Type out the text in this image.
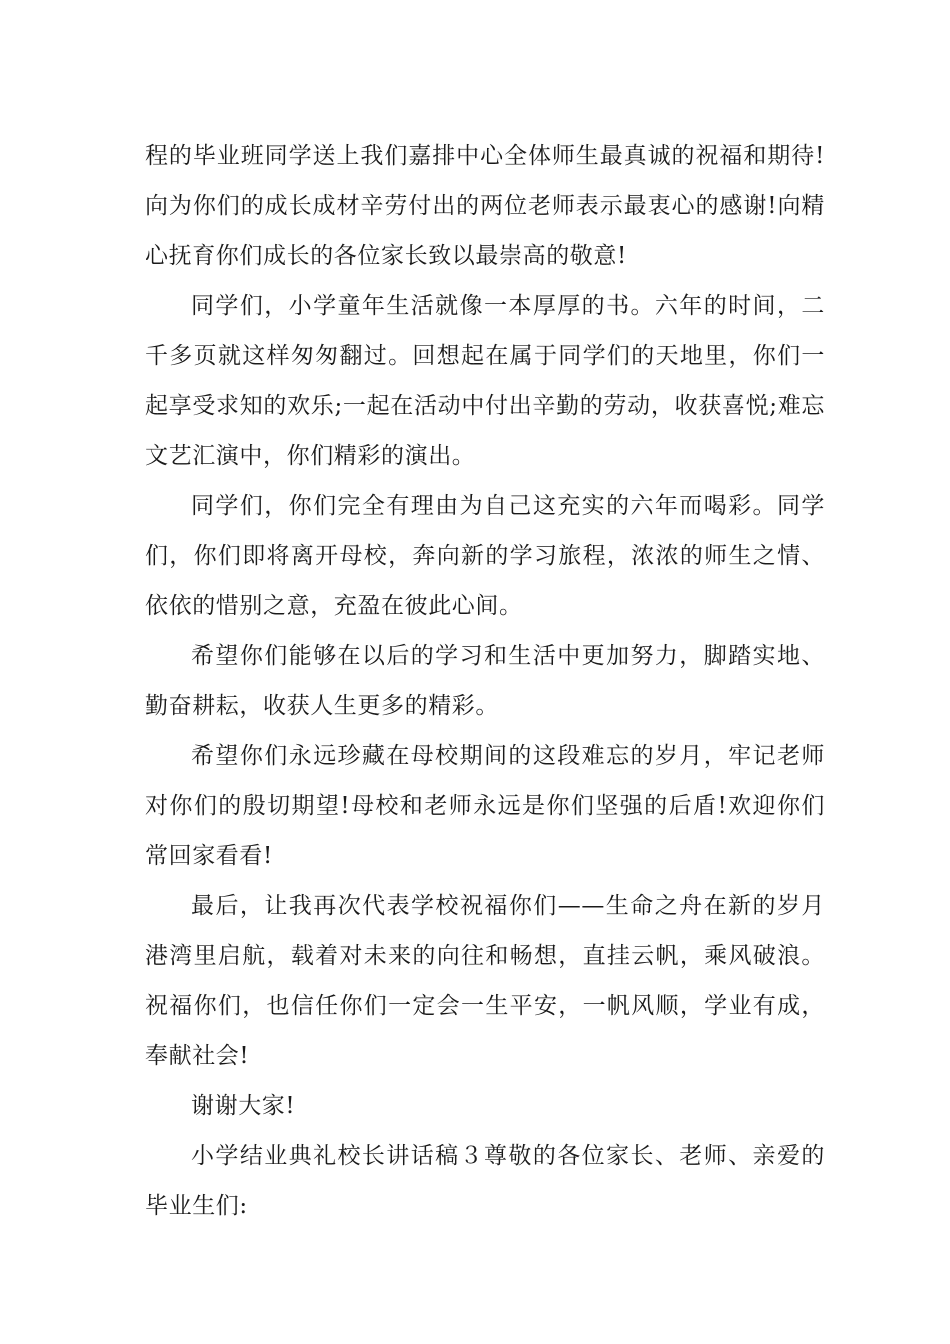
程的毕业班同学送上我们嘉排中心全体师生最真诚的祝福和期待!向为你们的成长成材辛劳付出的两位老师表示最衷心的感谢!向精心抚育你们成长的各位家长致以最崇高的敬意!

同学们，小学童年生活就像一本厚厚的书。六年的时间，二千多页就这样匆匆翻过。回想起在属于同学们的天地里，你们一起享受求知的欢乐;一起在活动中付出辛勤的劳动，收获喜悦;难忘文艺汇演中，你们精彩的演出。

同学们，你们完全有理由为自己这充实的六年而喝彩。同学们，你们即将离开母校，奔向新的学习旅程，浓浓的师生之情、依依的惜别之意，充盈在彼此心间。

希望你们能够在以后的学习和生活中更加努力，脚踏实地、勤奋耕耘，收获人生更多的精彩。

希望你们永远珍藏在母校期间的这段难忘的岁月，牢记老师对你们的殷切期望!母校和老师永远是你们坚强的后盾!欢迎你们常回家看看!

最后，让我再次代表学校祝福你们——生命之舟在新的岁月港湾里启航，载着对未来的向往和畅想，直挂云帆，乘风破浪。祝福你们，也信任你们一定会一生平安，一帆风顺，学业有成，奉献社会!

谢谢大家!

小学结业典礼校长讲话稿３尊敬的各位家长、老师、亲爱的毕业生们:
